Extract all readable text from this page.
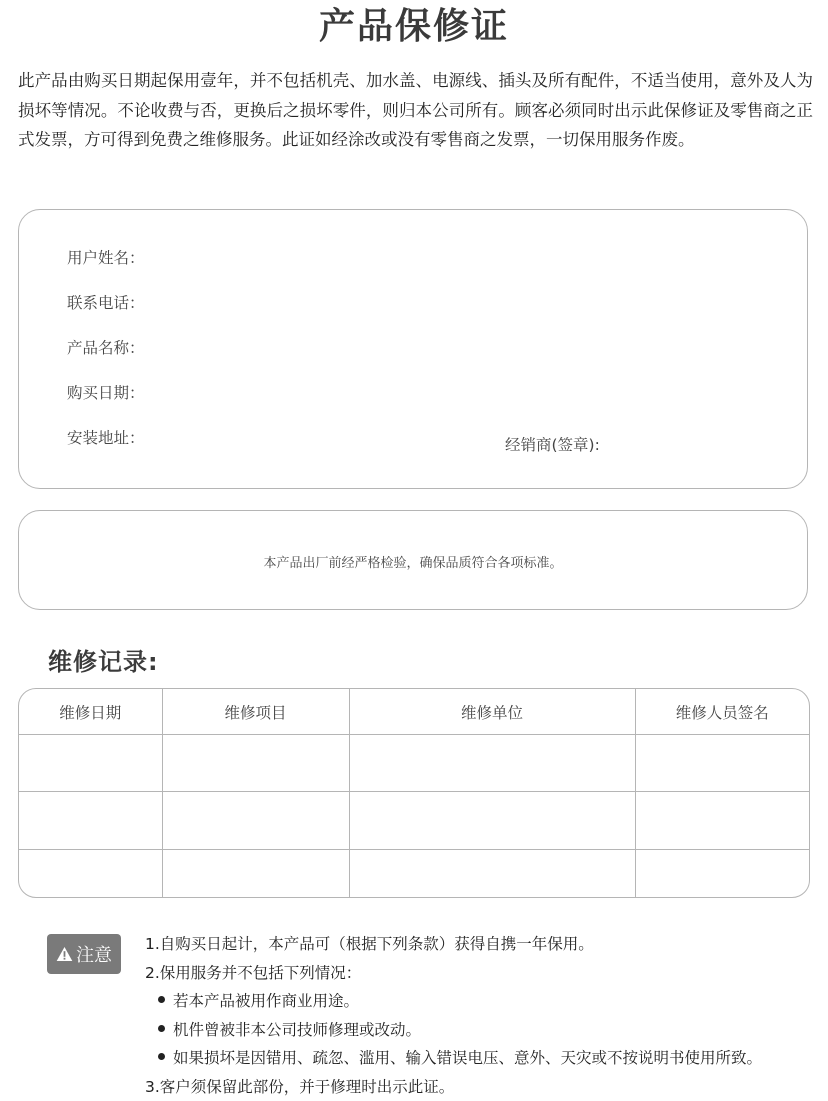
产品保修证
此产品由购买日期起保用壹年，并不包括机壳、加水盖、电源线、插头及所有配件，不适当使用，意外及人为损坏等情况。不论收费与否，更换后之损坏零件，则归本公司所有。顾客必须同时出示此保修证及零售商之正式发票，方可得到免费之维修服务。此证如经涂改或没有零售商之发票，一切保用服务作废。
用户姓名：
联系电话：
产品名称：
购买日期：
安装地址：	经销商(签章):
本产品出厂前经严格检验，确保品质符合各项标准。
维修记录:
维修日期	维修项目	维修单位	维修人员签名

注意
1.自购买日起计，本产品可（根据下列条款）获得自携一年保用。
2.保用服务并不包括下列情况：
若本产品被用作商业用途。
机件曾被非本公司技师修理或改动。
如果损坏是因错用、疏忽、滥用、输入错误电压、意外、天灾或不按说明书使用所致。
3.客户须保留此部份，并于修理时出示此证。
